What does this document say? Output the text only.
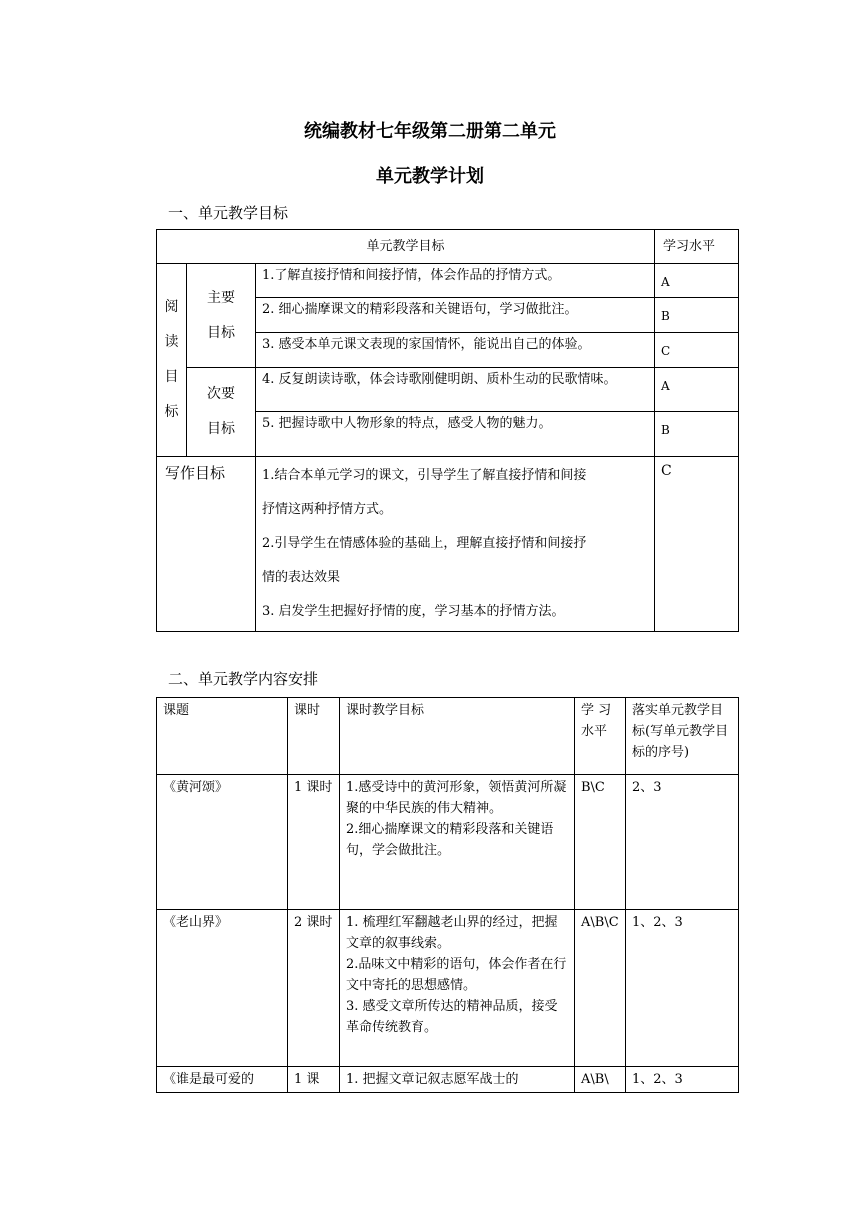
统编教材七年级第二册第二单元
单元教学计划
一、单元教学目标
单元教学目标			学习水平

阅
读
目
标	主要
目标	1.了解直接抒情和间接抒情，体会作品的抒情方式。	A
		2. 细心揣摩课文的精彩段落和关键语句，学习做批注。	B
		3. 感受本单元课文表现的家国情怀，能说出自己的体验。	C

	次要
目标	4. 反复朗读诗歌，体会诗歌刚健明朗、质朴生动的民歌情味。	A
		5. 把握诗歌中人物形象的特点，感受人物的魅力。	B
写作目标		1.结合本单元学习的课文，引导学生了解直接抒情和间接

抒情这两种抒情方式。

2.引导学生在情感体验的基础上，理解直接抒情和间接抒

情的表达效果

3. 启发学生把握好抒情的度，学习基本的抒情方法。	C
二、单元教学内容安排
课题	课时	课时教学目标	学 习 水平	落实单元教学目标(写单元教学目标的序号)
《黄河颂》	1 课时	1.感受诗中的黄河形象，领悟黄河所凝聚的中华民族的伟大精神。

2.细心揣摩课文的精彩段落和关键语句，学会做批注。	B\C	2、3
《老山界》	2 课时	1. 梳理红军翻越老山界的经过，把握文章的叙事线索。

2.品味文中精彩的语句，体会作者在行文中寄托的思想感情。

3. 感受文章所传达的精神品质，接受革命传统教育。	A\B\C	1、2、3
《谁是最可爱的	1 课	1. 把握文章记叙志愿军战士的	A\B\	1、2、3
